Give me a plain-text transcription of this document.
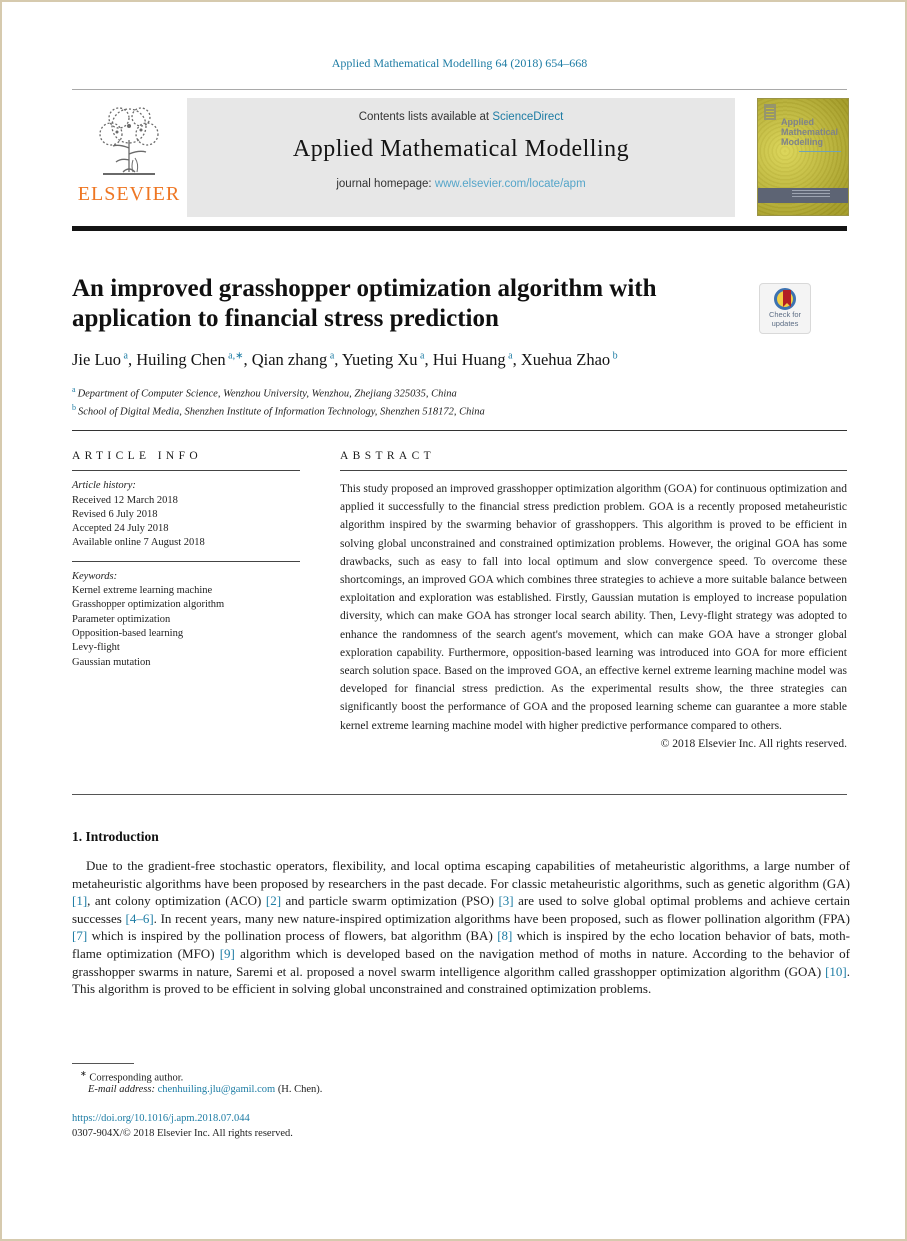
Applied Mathematical Modelling 64 (2018) 654–668
ELSEVIER
Contents lists available at ScienceDirect
Applied Mathematical Modelling
journal homepage: www.elsevier.com/locate/apm
Applied
Mathematical
Modelling
An improved grasshopper optimization algorithm with application to financial stress prediction	Check for
updates
Jie Luo $^a$, Huiling Chen $^{a,∗}$, Qian zhang $^a$, Yueting Xu $^a$, Hui Huang $^a$, Xuehua Zhao $^b$
$^a$ Department of Computer Science, Wenzhou University, Wenzhou, Zhejiang 325035, China
$^b$ School of Digital Media, Shenzhen Institute of Information Technology, Shenzhen 518172, China
ARTICLE INFO
Article history:
Received 12 March 2018
Revised 6 July 2018
Accepted 24 July 2018
Available online 7 August 2018
Keywords:
Kernel extreme learning machine
Grasshopper optimization algorithm
Parameter optimization
Opposition-based learning
Levy-flight
Gaussian mutation
ABSTRACT
This study proposed an improved grasshopper optimization algorithm (GOA) for continuous optimization and applied it successfully to the financial stress prediction problem. GOA is a recently proposed metaheuristic algorithm inspired by the swarming behavior of grasshoppers. This algorithm is proved to be efficient in solving global unconstrained and constrained optimization problems. However, the original GOA has some drawbacks, such as easy to fall into local optimum and slow convergence speed. To overcome these shortcomings, an improved GOA which combines three strategies to achieve a more suitable balance between exploitation and exploration was established. Firstly, Gaussian mutation is employed to increase population diversity, which can make GOA has stronger local search ability. Then, Levy-flight strategy was adopted to enhance the randomness of the search agent's movement, which can make GOA have a stronger global exploration capability. Furthermore, opposition-based learning was introduced into GOA for more efficient search solution space. Based on the improved GOA, an effective kernel extreme learning machine model was developed for financial stress prediction. As the experimental results show, the three strategies can significantly boost the performance of GOA and the proposed learning scheme can guarantee a more stable kernel extreme learning machine model with higher predictive performance compared to others.
© 2018 Elsevier Inc. All rights reserved.
1. Introduction

Due to the gradient-free stochastic operators, flexibility, and local optima escaping capabilities of metaheuristic algorithms, a large number of metaheuristic algorithms have been proposed by researchers in the past decade. For classic metaheuristic algorithms, such as genetic algorithm (GA) [1], ant colony optimization (ACO) [2] and particle swarm optimization (PSO) [3] are used to solve global optimal problems and achieve certain successes [4–6]. In recent years, many new nature-inspired optimization algorithms have been proposed, such as flower pollination algorithm (FPA) [7] which is inspired by the pollination process of flowers, bat algorithm (BA) [8] which is inspired by the echo location behavior of bats, moth-flame optimization (MFO) [9] algorithm which is developed based on the navigation method of moths in nature. According to the behavior of grasshopper swarms in nature, Saremi et al. proposed a novel swarm intelligence algorithm called grasshopper optimization algorithm (GOA) [10]. This algorithm is proved to be efficient in solving global unconstrained and constrained optimization problems.

∗ Corresponding author.
E-mail address: chenhuiling.jlu@gamil.com (H. Chen).
https://doi.org/10.1016/j.apm.2018.07.044
0307-904X/© 2018 Elsevier Inc. All rights reserved.
